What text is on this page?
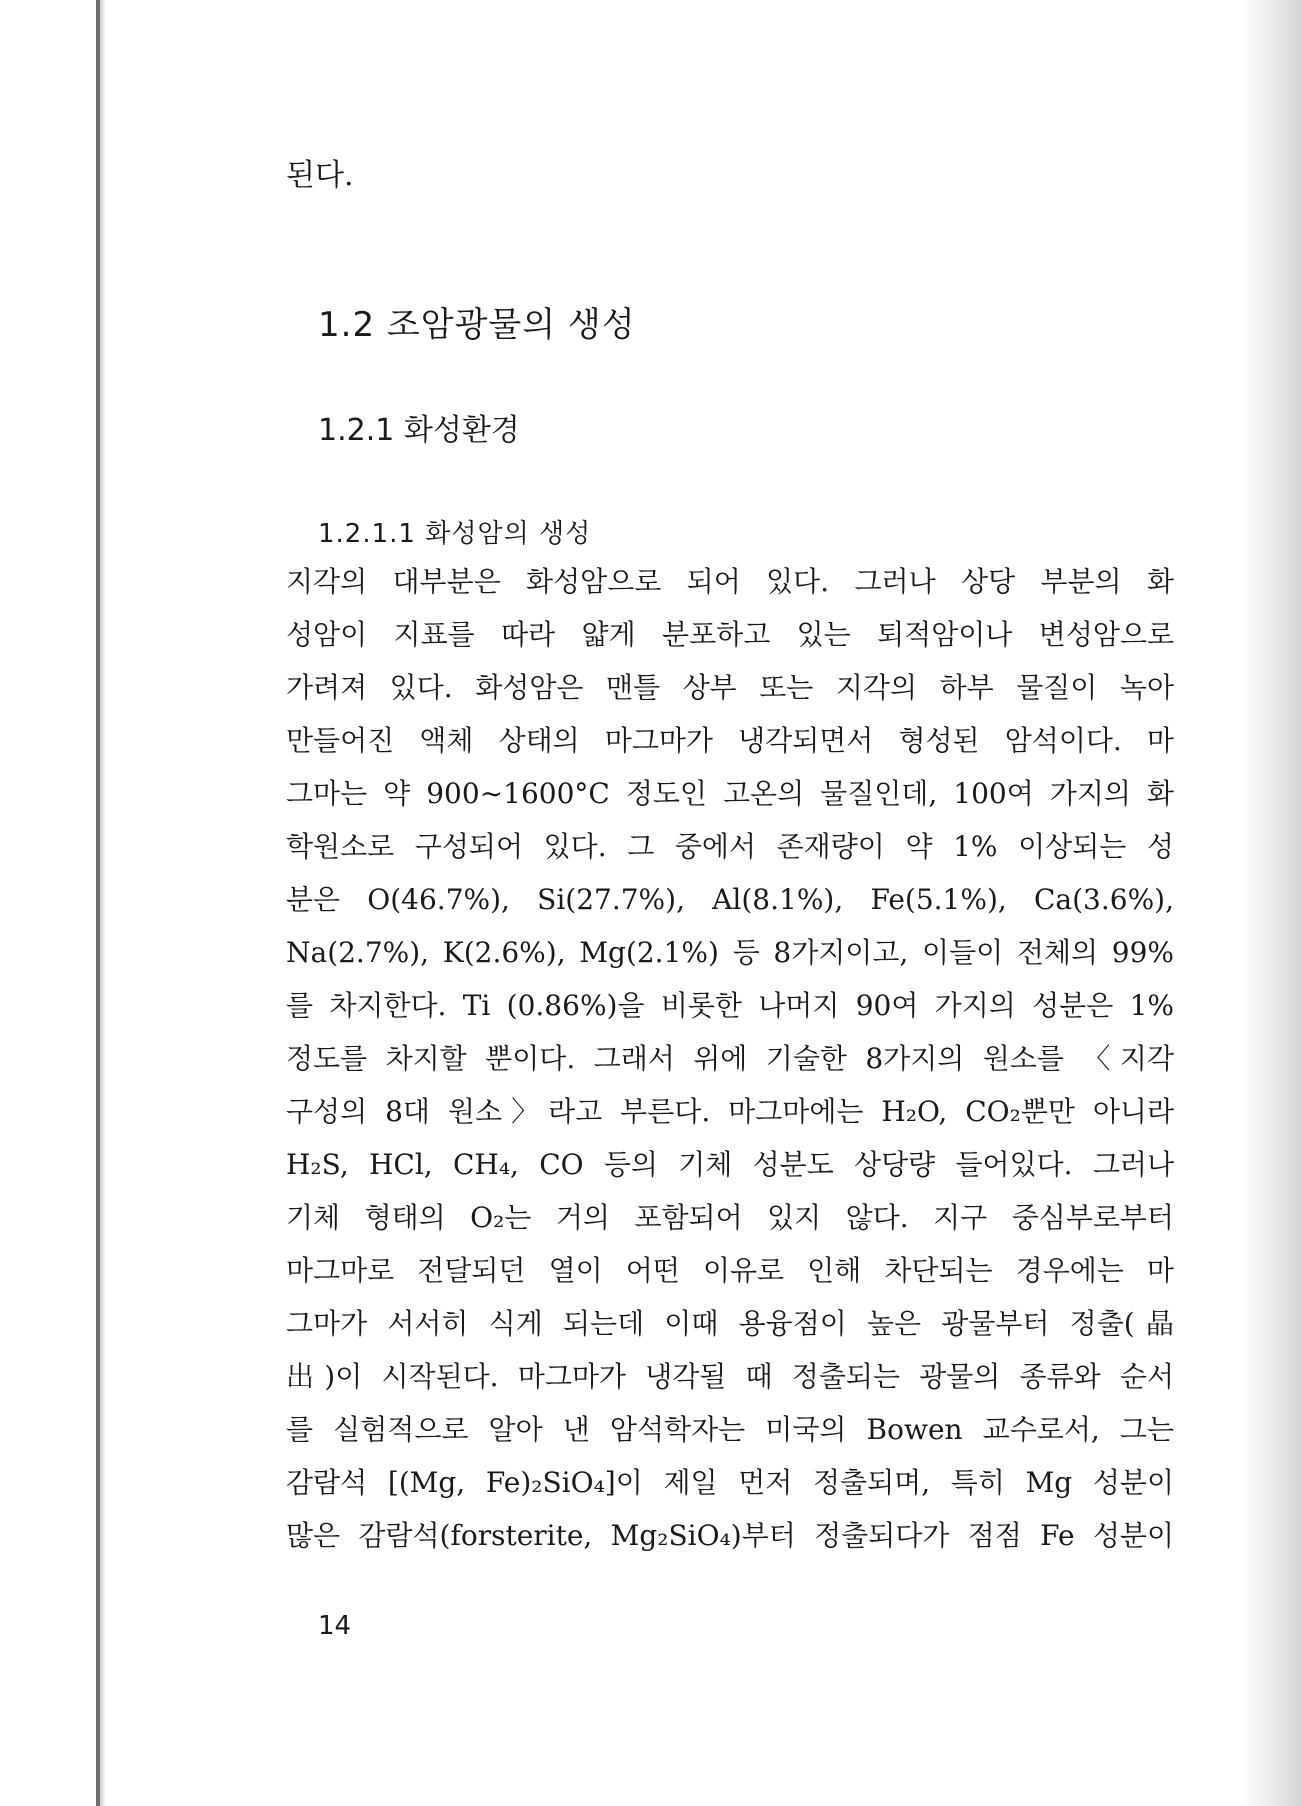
된다.

1.2 조암광물의 생성
1.2.1 화성환경
1.2.1.1 화성암의 생성

지각의 대부분은 화성암으로 되어 있다. 그러나 상당 부분의 화

성암이 지표를 따라 얇게 분포하고 있는 퇴적암이나 변성암으로

가려져 있다. 화성암은 맨틀 상부 또는 지각의 하부 물질이 녹아

만들어진 액체 상태의 마그마가 냉각되면서 형성된 암석이다. 마

그마는 약 900∼1600°C 정도인 고온의 물질인데, 100여 가지의 화

학원소로 구성되어 있다. 그 중에서 존재량이 약 1% 이상되는 성

분은 O(46.7%), Si(27.7%), Al(8.1%), Fe(5.1%), Ca(3.6%),

Na(2.7%), K(2.6%), Mg(2.1%) 등 8가지이고, 이들이 전체의 99%

를 차지한다. Ti (0.86%)을 비롯한 나머지 90여 가지의 성분은 1%

정도를 차지할 뿐이다. 그래서 위에 기술한 8가지의 원소를 〈지각

구성의 8대 원소〉라고 부른다. 마그마에는 H₂O, CO₂뿐만 아니라

H₂S, HCl, CH₄, CO 등의 기체 성분도 상당량 들어있다. 그러나

기체 형태의 O₂는 거의 포함되어 있지 않다. 지구 중심부로부터

마그마로 전달되던 열이 어떤 이유로 인해 차단되는 경우에는 마

그마가 서서히 식게 되는데 이때 용융점이 높은 광물부터 정출(晶

出)이 시작된다. 마그마가 냉각될 때 정출되는 광물의 종류와 순서

를 실험적으로 알아 낸 암석학자는 미국의 Bowen 교수로서, 그는

감람석 [(Mg, Fe)₂SiO₄]이 제일 먼저 정출되며, 특히 Mg 성분이

많은 감람석(forsterite, Mg₂SiO₄)부터 정출되다가 점점 Fe 성분이

14
